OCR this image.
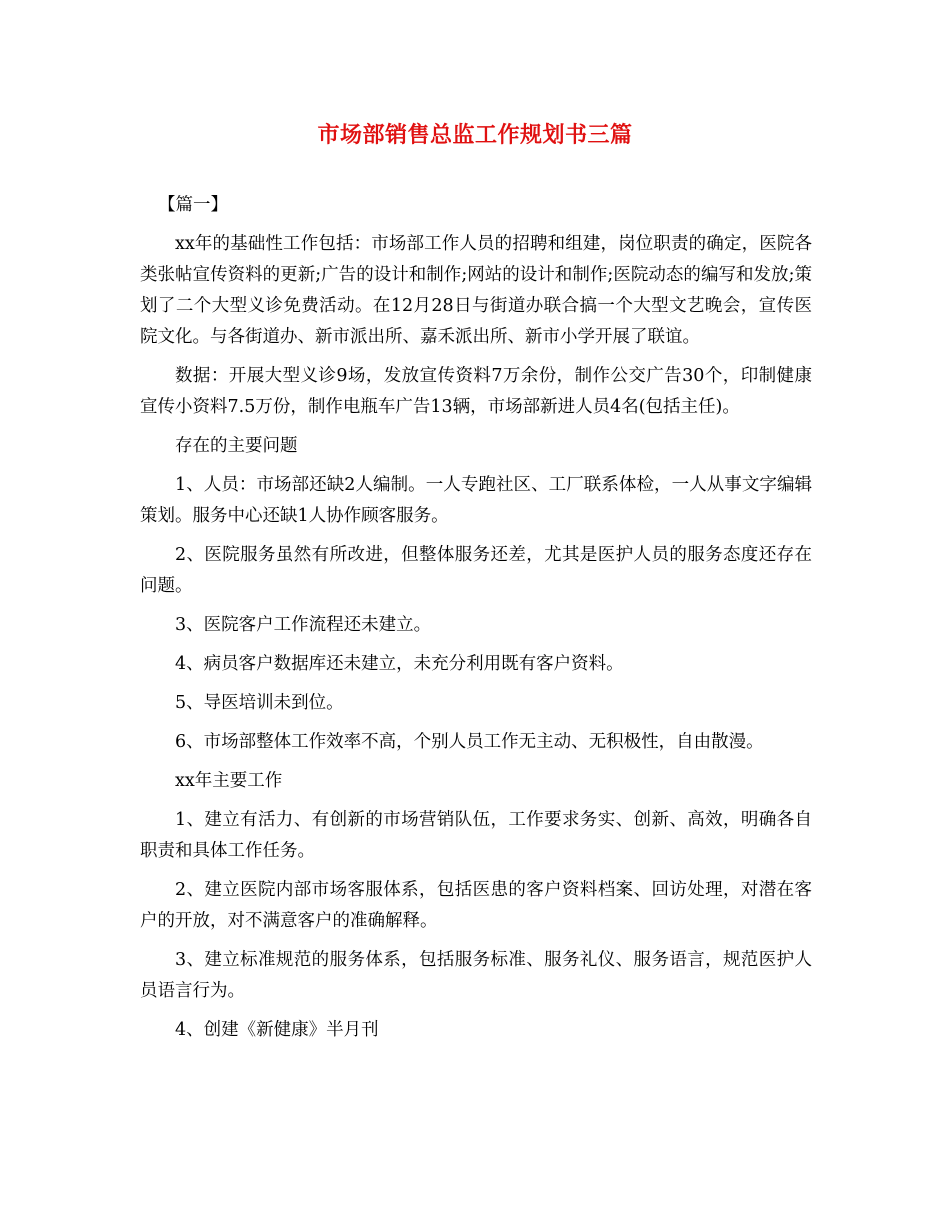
市场部销售总监工作规划书三篇

【篇一】

xx年的基础性工作包括：市场部工作人员的招聘和组建，岗位职责的确定，医院各类张帖宣传资料的更新;广告的设计和制作;网站的设计和制作;医院动态的编写和发放;策划了二个大型义诊免费活动。在12月28日与街道办联合搞一个大型文艺晚会，宣传医院文化。与各街道办、新市派出所、嘉禾派出所、新市小学开展了联谊。

数据：开展大型义诊9场，发放宣传资料7万余份，制作公交广告30个，印制健康宣传小资料7.5万份，制作电瓶车广告13辆，市场部新进人员4名(包括主任)。

存在的主要问题

1、人员：市场部还缺2人编制。一人专跑社区、工厂联系体检，一人从事文字编辑策划。服务中心还缺1人协作顾客服务。

2、医院服务虽然有所改进，但整体服务还差，尤其是医护人员的服务态度还存在问题。

3、医院客户工作流程还未建立。

4、病员客户数据库还未建立，未充分利用既有客户资料。

5、导医培训未到位。

6、市场部整体工作效率不高，个别人员工作无主动、无积极性，自由散漫。

xx年主要工作

1、建立有活力、有创新的市场营销队伍，工作要求务实、创新、高效，明确各自职责和具体工作任务。

2、建立医院内部市场客服体系，包括医患的客户资料档案、回访处理，对潜在客户的开放，对不满意客户的准确解释。

3、建立标准规范的服务体系，包括服务标准、服务礼仪、服务语言，规范医护人员语言行为。

4、创建《新健康》半月刊
